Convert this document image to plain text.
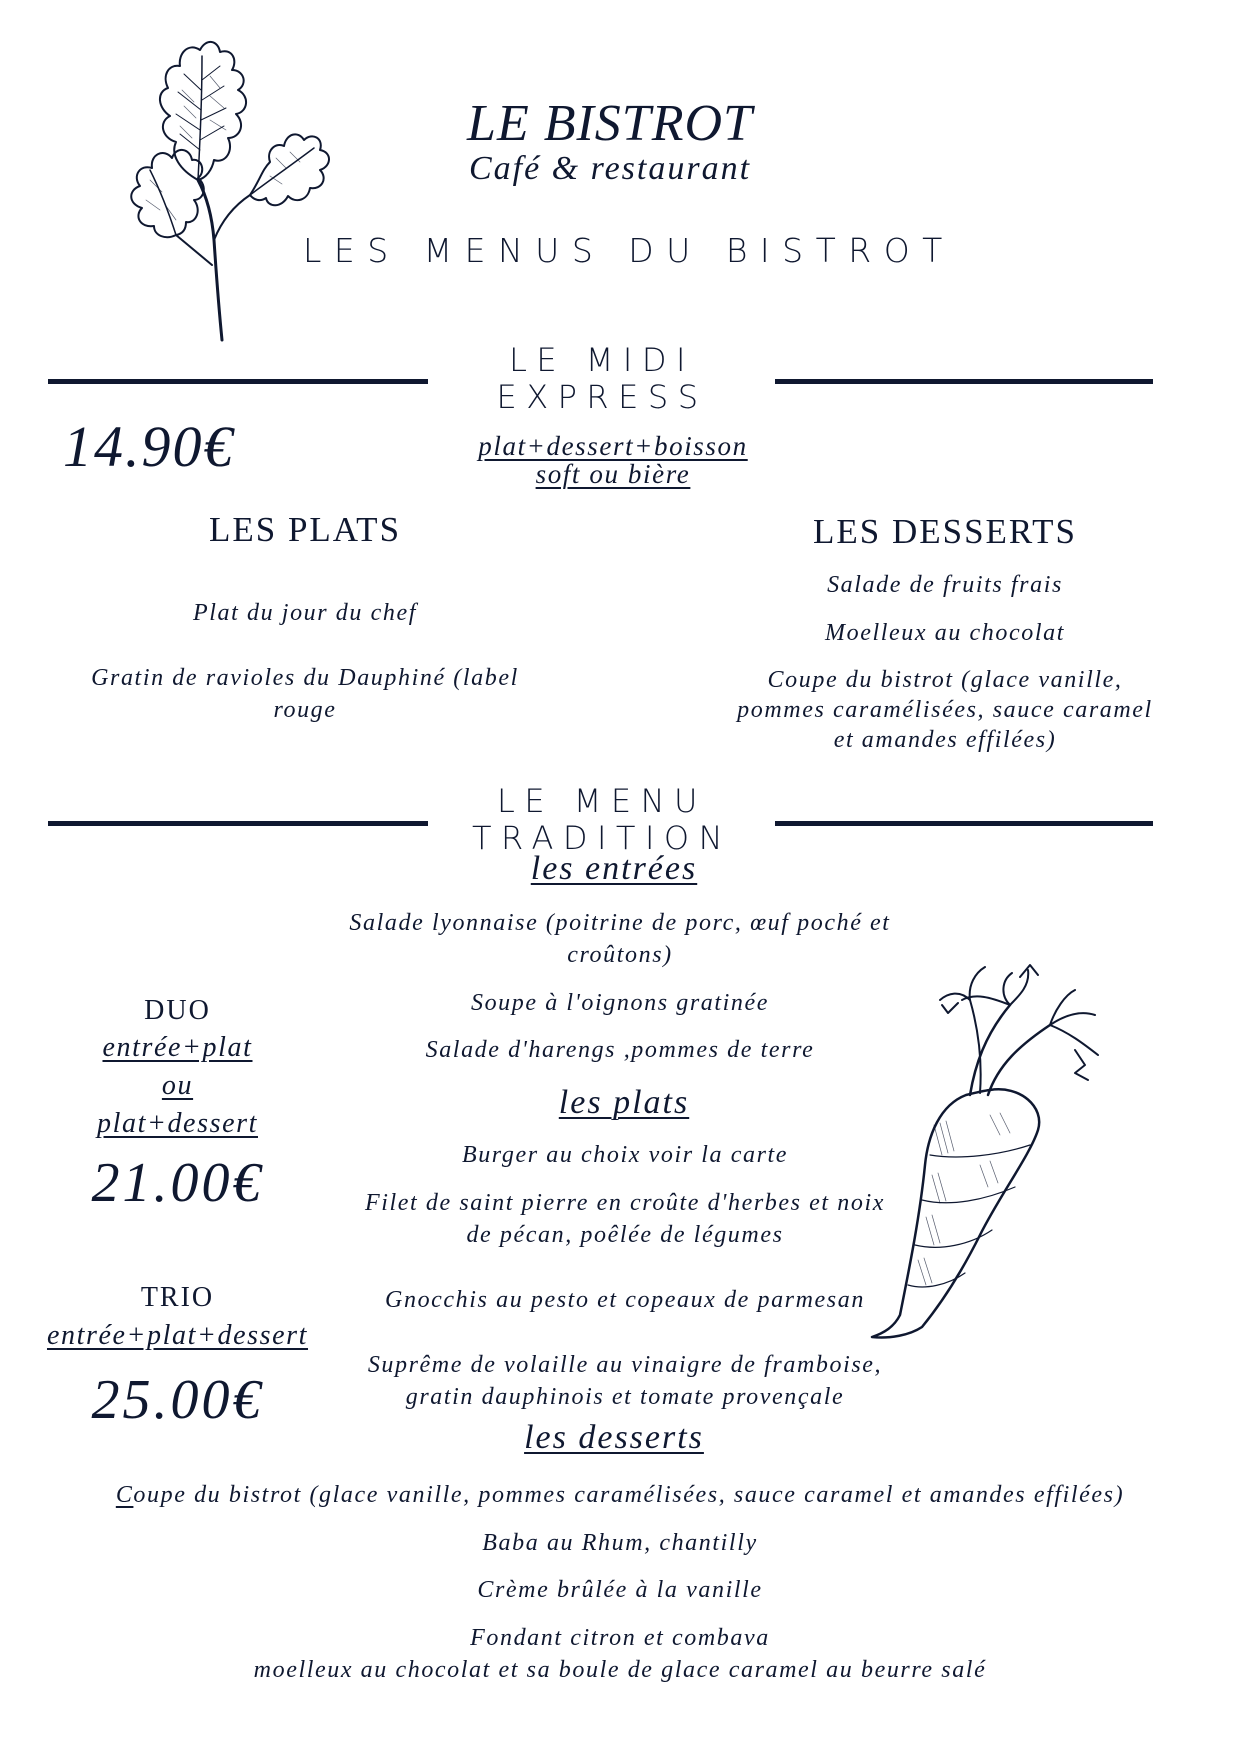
LE BISTROT
Café & restaurant
LES MENUS DU BISTROT
LE MIDI
EXPRESS
14.90€	plat+dessert+boisson
soft ou bière
LES PLATS
Plat du jour du chef
Gratin de ravioles du Dauphiné (label
rouge
LES DESSERTS
Salade de fruits frais
Moelleux au chocolat
Coupe du bistrot (glace vanille,
pommes caramélisées, sauce caramel
et amandes effilées)
LE MENU
TRADITION
les entrées
Salade lyonnaise (poitrine de porc, œuf poché et
croûtons)
Soupe à l'oignons gratinée
Salade d'harengs ,pommes de terre
les plats
Burger au choix voir la carte
Filet de saint pierre en croûte d'herbes et noix
de pécan, poêlée de légumes
Gnocchis au pesto et copeaux de parmesan
Suprême de volaille au vinaigre de framboise,
gratin dauphinois et tomate provençale
les desserts
Coupe du bistrot (glace vanille, pommes caramélisées, sauce caramel et amandes effilées)
Baba au Rhum, chantilly
Crème brûlée à la vanille
Fondant citron et combava
moelleux au chocolat et sa boule de glace caramel au beurre salé
DUO
entrée+plat
ou
plat+dessert
21.00€
TRIO
entrée+plat+dessert
25.00€
